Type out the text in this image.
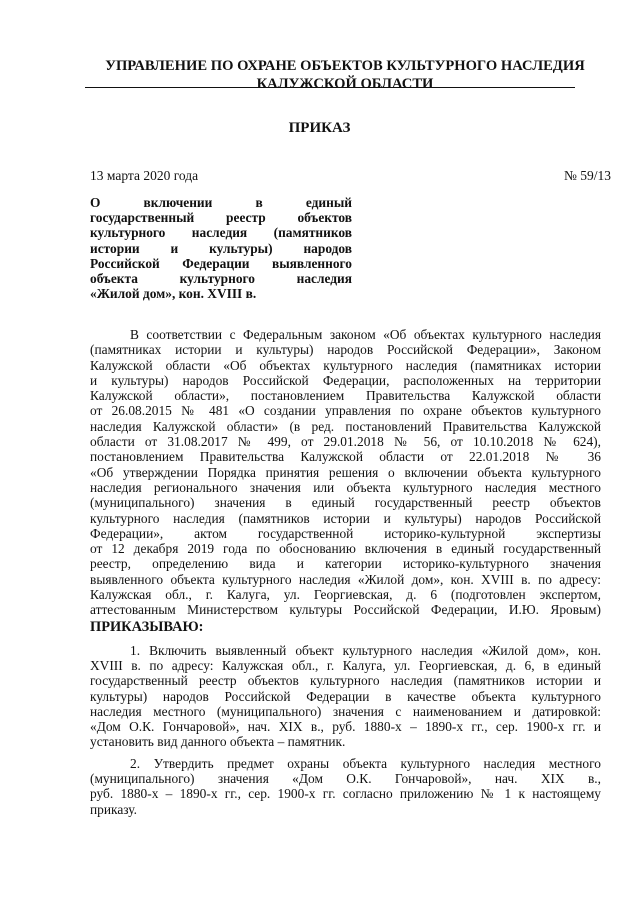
УПРАВЛЕНИЕ ПО ОХРАНЕ ОБЪЕКТОВ КУЛЬТУРНОГО НАСЛЕДИЯ
КАЛУЖСКОЙ ОБЛАСТИ
ПРИКАЗ
13 марта 2020 года	№ 59/13
О включении в единый
государственный реестр объектов
культурного наследия (памятников
истории и культуры) народов
Российской Федерации выявленного
объекта культурного наследия
«Жилой дом», кон. XVIII в.
В соответствии с Федеральным законом «Об объектах культурного наследия
(памятниках истории и культуры) народов Российской Федерации», Законом
Калужской области «Об объектах культурного наследия (памятниках истории
и культуры) народов Российской Федерации, расположенных на территории
Калужской области», постановлением Правительства Калужской области
от 26.08.2015 № 481 «О создании управления по охране объектов культурного
наследия Калужской области» (в ред. постановлений Правительства Калужской
области от 31.08.2017 № 499, от 29.01.2018 № 56, от 10.10.2018 № 624),
постановлением Правительства Калужской области от 22.01.2018 № 36
«Об утверждении Порядка принятия решения о включении объекта культурного
наследия регионального значения или объекта культурного наследия местного
(муниципального) значения в единый государственный реестр объектов
культурного наследия (памятников истории и культуры) народов Российской
Федерации», актом государственной историко-культурной экспертизы
от 12 декабря 2019 года по обоснованию включения в единый государственный
реестр, определению вида и категории историко-культурного значения
выявленного объекта культурного наследия «Жилой дом», кон. XVIII в. по адресу:
Калужская обл., г. Калуга, ул. Георгиевская, д. 6 (подготовлен экспертом,
аттестованным Министерством культуры Российской Федерации, И.Ю. Яровым)
ПРИКАЗЫВАЮ:
1. Включить выявленный объект культурного наследия «Жилой дом», кон.
XVIII в. по адресу: Калужская обл., г. Калуга, ул. Георгиевская, д. 6, в единый
государственный реестр объектов культурного наследия (памятников истории и
культуры) народов Российской Федерации в качестве объекта культурного
наследия местного (муниципального) значения с наименованием и датировкой:
«Дом О.К. Гончаровой», нач. XIX в., руб. 1880-х – 1890-х гг., сер. 1900-х гг. и
установить вид данного объекта – памятник.
2. Утвердить предмет охраны объекта культурного наследия местного
(муниципального) значения «Дом О.К. Гончаровой», нач. XIX в.,
руб. 1880-х – 1890-х гг., сер. 1900-х гг. согласно приложению № 1 к настоящему
приказу.
